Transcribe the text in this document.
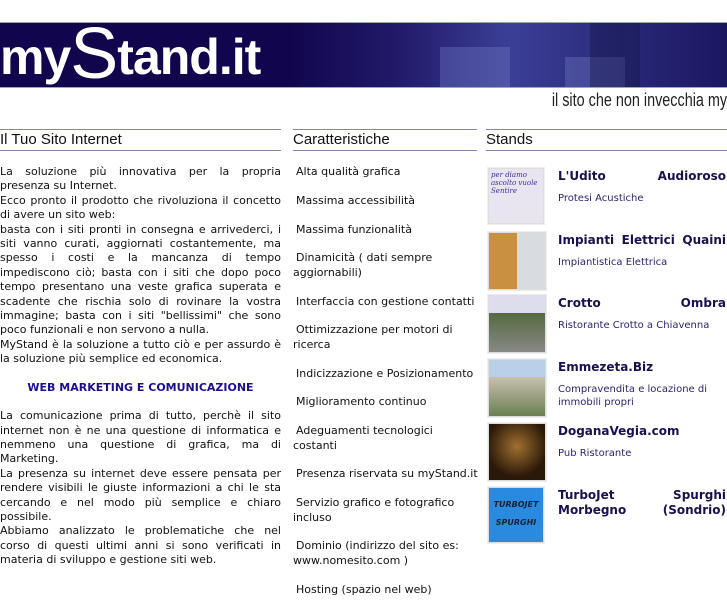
myStand.it
il sito che non invecchia my
Il Tuo Sito Internet	Caratteristiche	Stands

La soluzione più innovativa per la propria presenza su Internet.

Ecco pronto il prodotto che rivoluziona il concetto di avere un sito web:

basta con i siti pronti in consegna e arrivederci, i siti vanno curati, aggiornati costantemente, ma spesso i costi e la mancanza di tempo impediscono ciò; basta con i siti che dopo poco tempo presentano una veste grafica superata e scadente che rischia solo di rovinare la vostra immagine; basta con i siti "bellissimi" che sono poco funzionali e non servono a nulla.

MyStand è la soluzione a tutto ciò e per assurdo è la soluzione più semplice ed economica.

WEB MARKETING E COMUNICAZIONE

La comunicazione prima di tutto, perchè il sito internet non è ne una questione di informatica e nemmeno una questione di grafica, ma di Marketing.

La presenza su internet deve essere pensata per rendere visibili le giuste informazioni a chi le sta cercando e nel modo più semplice e chiaro possibile.

Abbiamo analizzato le problematiche che nel corso di questi ultimi anni si sono verificati in materia di sviluppo e gestione siti web.

Alta qualità grafica
Massima accessibilità
Massima funzionalità
Dinamicità ( dati sempre aggiornabili)
Interfaccia con gestione contatti
Ottimizzazione per motori di ricerca
Indicizzazione e Posizionamento
Miglioramento continuo
Adeguamenti tecnologici costanti
Presenza riservata su myStand.it
Servizio grafico e fotografico incluso
Dominio (indirizzo del sito es: www.nomesito.com )
Hosting (spazio nel web)
per diamo ascolto vuole Sentire
L'Udito Audioroso
Protesi Acustiche
Impianti Elettrici Quaini
Impiantistica Elettrica
Crotto Ombra
Ristorante Crotto a Chiavenna
Emmezeta.Biz
Compravendita e locazione di immobili propri
DoganaVegia.com
Pub Ristorante
TURBOJET SPURGHI
TurboJet Spurghi Morbegno (Sondrio)
